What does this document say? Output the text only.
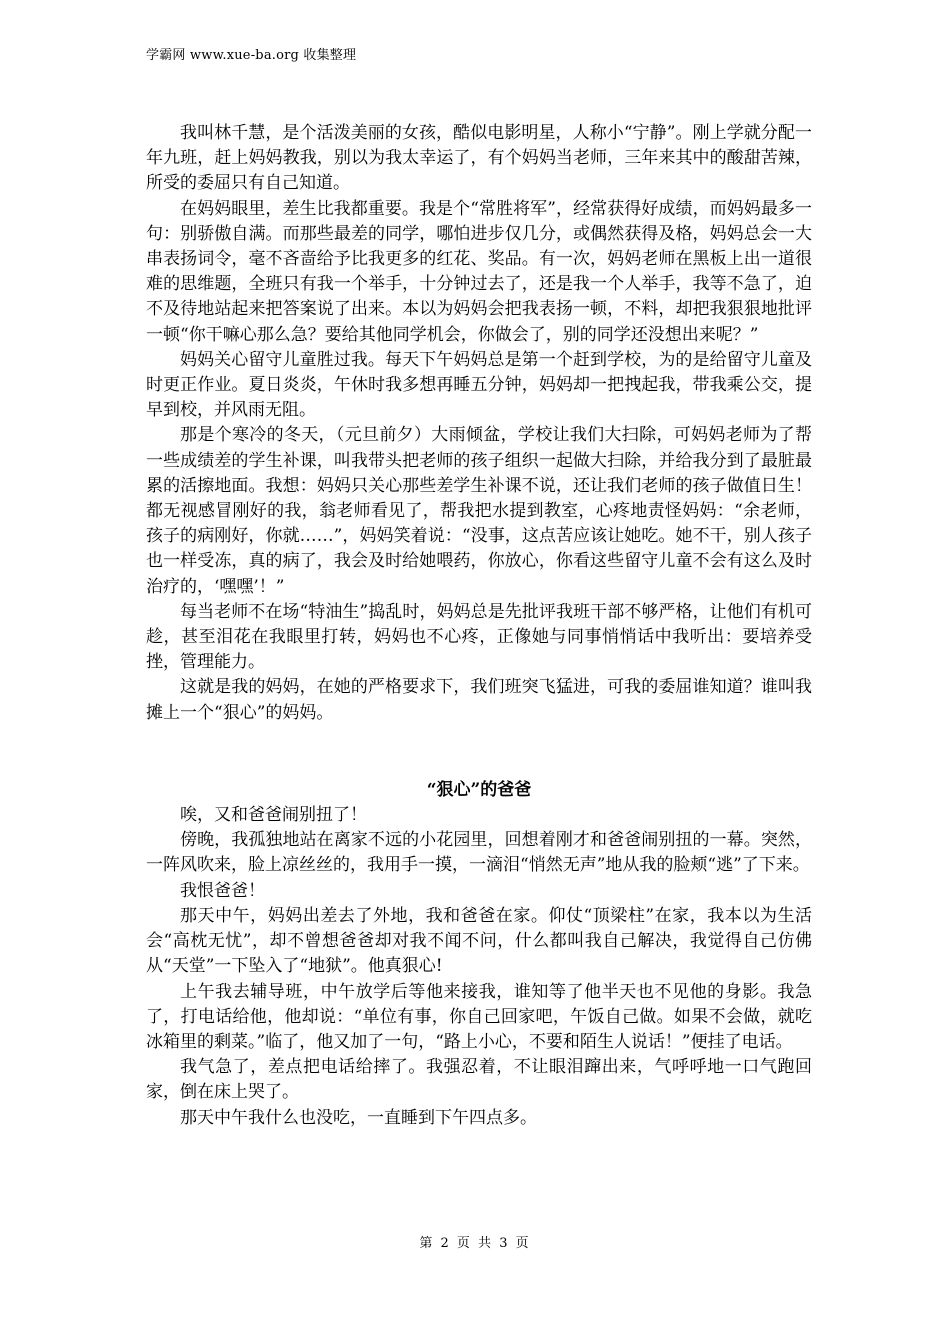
学霸网 www.xue-ba.org 收集整理

我叫林千慧，是个活泼美丽的女孩，酷似电影明星，人称小“宁静”。刚上学就分配一年九班，赶上妈妈教我，别以为我太幸运了，有个妈妈当老师，三年来其中的酸甜苦辣，所受的委屈只有自己知道。

在妈妈眼里，差生比我都重要。我是个“常胜将军”，经常获得好成绩，而妈妈最多一句：别骄傲自满。而那些最差的同学，哪怕进步仅几分，或偶然获得及格，妈妈总会一大串表扬词令，毫不吝啬给予比我更多的红花、奖品。有一次，妈妈老师在黑板上出一道很难的思维题，全班只有我一个举手，十分钟过去了，还是我一个人举手，我等不急了，迫不及待地站起来把答案说了出来。本以为妈妈会把我表扬一顿，不料，却把我狠狠地批评一顿“你干嘛心那么急？要给其他同学机会，你做会了，别的同学还没想出来呢？”

妈妈关心留守儿童胜过我。每天下午妈妈总是第一个赶到学校，为的是给留守儿童及时更正作业。夏日炎炎，午休时我多想再睡五分钟，妈妈却一把拽起我，带我乘公交，提早到校，并风雨无阻。

那是个寒冷的冬天，（元旦前夕）大雨倾盆，学校让我们大扫除，可妈妈老师为了帮一些成绩差的学生补课，叫我带头把老师的孩子组织一起做大扫除，并给我分到了最脏最累的活擦地面。我想：妈妈只关心那些差学生补课不说，还让我们老师的孩子做值日生！都无视感冒刚好的我，翁老师看见了，帮我把水提到教室，心疼地责怪妈妈：“余老师，孩子的病刚好，你就……”，妈妈笑着说：“没事，这点苦应该让她吃。她不干，别人孩子也一样受冻，真的病了，我会及时给她喂药，你放心，你看这些留守儿童不会有这么及时治疗的，‘嘿嘿’！”

每当老师不在场“特油生”捣乱时，妈妈总是先批评我班干部不够严格，让他们有机可趁，甚至泪花在我眼里打转，妈妈也不心疼，正像她与同事悄悄话中我听出：要培养受挫，管理能力。

这就是我的妈妈，在她的严格要求下，我们班突飞猛进，可我的委屈谁知道？谁叫我摊上一个“狠心”的妈妈。

“狠心”的爸爸

唉，又和爸爸闹别扭了！

傍晚，我孤独地站在离家不远的小花园里，回想着刚才和爸爸闹别扭的一幕。突然，一阵风吹来，脸上凉丝丝的，我用手一摸，一滴泪“悄然无声”地从我的脸颊“逃”了下来。

我恨爸爸！

那天中午，妈妈出差去了外地，我和爸爸在家。仰仗“顶梁柱”在家，我本以为生活会“高枕无忧”，却不曾想爸爸却对我不闻不问，什么都叫我自己解决，我觉得自己仿佛从“天堂”一下坠入了“地狱”。他真狠心!

上午我去辅导班，中午放学后等他来接我，谁知等了他半天也不见他的身影。我急了，打电话给他，他却说：“单位有事，你自己回家吧，午饭自己做。如果不会做，就吃冰箱里的剩菜。”临了，他又加了一句，“路上小心，不要和陌生人说话！”便挂了电话。

我气急了，差点把电话给摔了。我强忍着，不让眼泪蹿出来，气呼呼地一口气跑回家，倒在床上哭了。

那天中午我什么也没吃，一直睡到下午四点多。

第 2 页 共 3 页
